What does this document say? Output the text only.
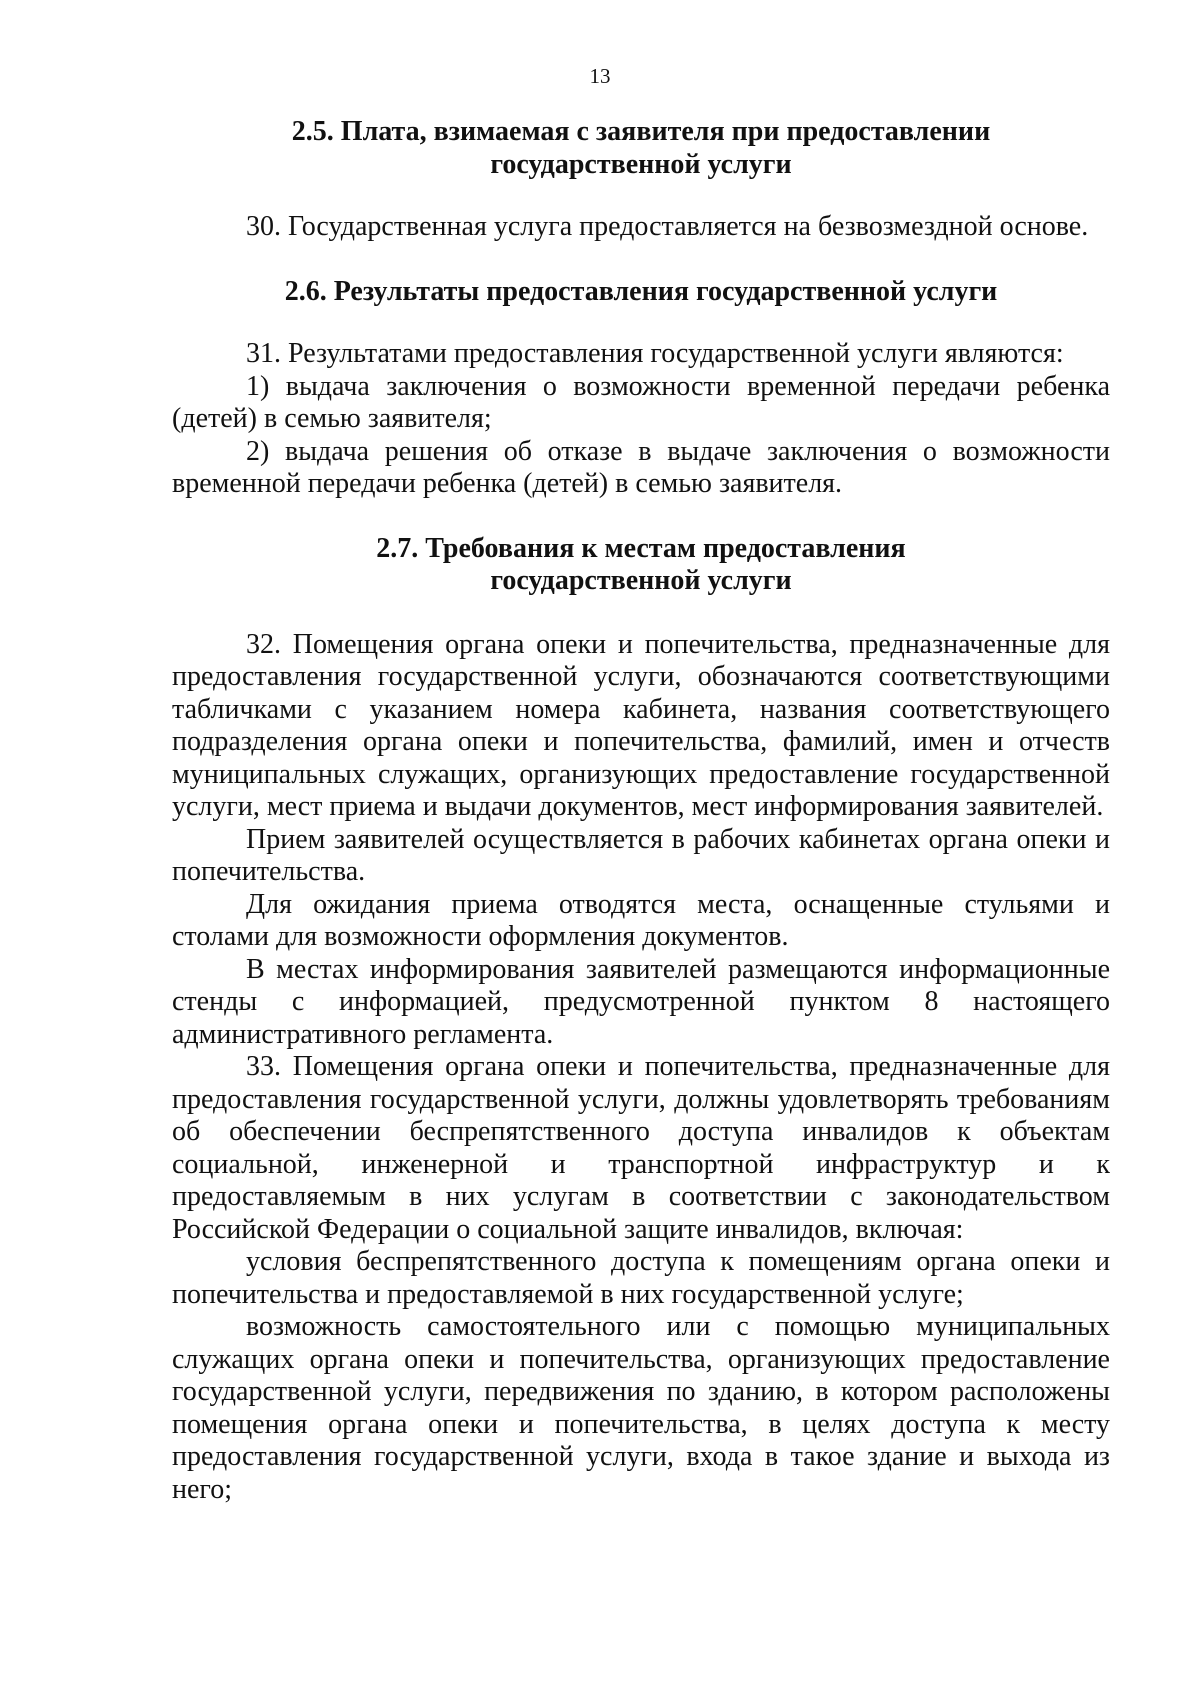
13
2.5. Плата, взимаемая с заявителя при предоставлении
государственной услуги

30. Государственная услуга предоставляется на безвозмездной основе.

2.6. Результаты предоставления государственной услуги

31. Результатами предоставления государственной услуги являются:

1) выдача заключения о возможности временной передачи ребенка (детей) в семью заявителя;

2) выдача решения об отказе в выдаче заключения о возможности временной передачи ребенка (детей) в семью заявителя.

2.7. Требования к местам предоставления
государственной услуги

32. Помещения органа опеки и попечительства, предназначенные для предоставления государственной услуги, обозначаются соответствующими табличками с указанием номера кабинета, названия соответствующего подразделения органа опеки и попечительства, фамилий, имен и отчеств муниципальных служащих, организующих предоставление государственной услуги, мест приема и выдачи документов, мест информирования заявителей.

Прием заявителей осуществляется в рабочих кабинетах органа опеки и попечительства.

Для ожидания приема отводятся места, оснащенные стульями и столами для возможности оформления документов.

В местах информирования заявителей размещаются информационные стенды с информацией, предусмотренной пунктом 8 настоящего административного регламента.

33. Помещения органа опеки и попечительства, предназначенные для предоставления государственной услуги, должны удовлетворять требованиям об обеспечении беспрепятственного доступа инвалидов к объектам социальной, инженерной и транспортной инфраструктур и к предоставляемым в них услугам в соответствии с законодательством Российской Федерации о социальной защите инвалидов, включая:

условия беспрепятственного доступа к помещениям органа опеки и попечительства и предоставляемой в них государственной услуге;

возможность самостоятельного или с помощью муниципальных служащих органа опеки и попечительства, организующих предоставление государственной услуги, передвижения по зданию, в котором расположены помещения органа опеки и попечительства, в целях доступа к месту предоставления государственной услуги, входа в такое здание и выхода из него;
